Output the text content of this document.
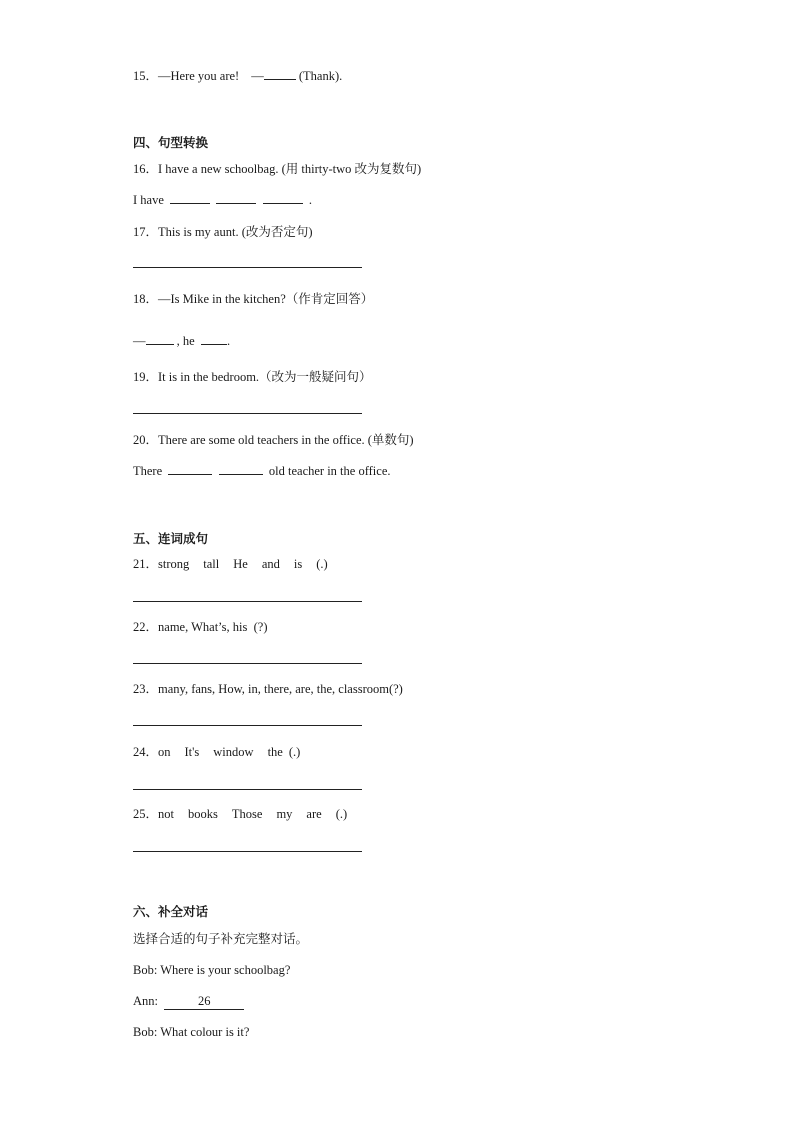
15．—Here you are! —	(Thank).
四、句型转换
16．I have a new schoolbag. (用 thirty-two 改为复数句)
I have	.
17．This is my aunt. (改为否定句)
18．—Is Mike in the kitchen?（作肯定回答）
— , he	.
19．It is in the bedroom.（改为一般疑问句）
20．There are some old teachers in the office. (单数句)
There	old teacher in the office.
五、连词成句
21．strong tall He and is (.)
22．name, What’s, his  (?)
23．many, fans, How, in, there, are, the, classroom(?)
24．on It's window the (.)
25．not books Those my are (.)
六、补全对话
选择合适的句子补充完整对话。
Bob: Where is your schoolbag?
Ann:	26
Bob: What colour is it?
